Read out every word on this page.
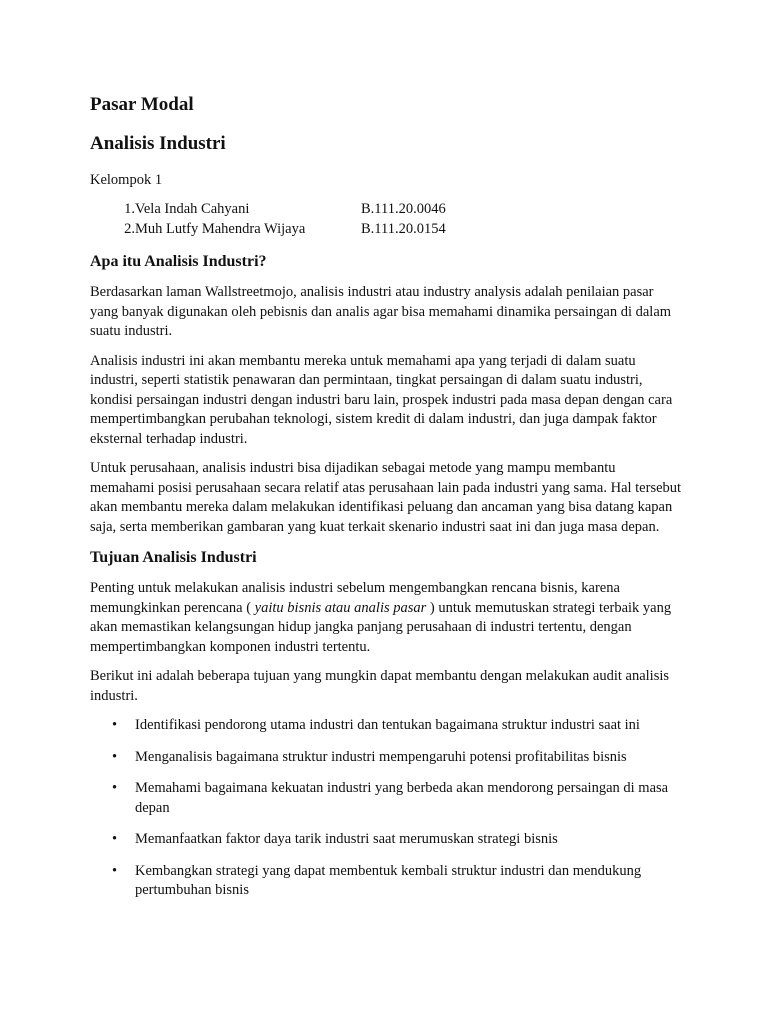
Pasar Modal
Analisis Industri
Kelompok 1
1. Vela Indah Cahyani	B.111.20.0046
2. Muh Lutfy Mahendra Wijaya	B.111.20.0154
Apa itu Analisis Industri?

Berdasarkan laman Wallstreetmojo, analisis industri atau industry analysis adalah penilaian pasar yang banyak digunakan oleh pebisnis dan analis agar bisa memahami dinamika persaingan di dalam suatu industri.

Analisis industri ini akan membantu mereka untuk memahami apa yang terjadi di dalam suatu industri, seperti statistik penawaran dan permintaan, tingkat persaingan di dalam suatu industri, kondisi persaingan industri dengan industri baru lain, prospek industri pada masa depan dengan cara mempertimbangkan perubahan teknologi, sistem kredit di dalam industri, dan juga dampak faktor eksternal terhadap industri.

Untuk perusahaan, analisis industri bisa dijadikan sebagai metode yang mampu membantu memahami posisi perusahaan secara relatif atas perusahaan lain pada industri yang sama. Hal tersebut akan membantu mereka dalam melakukan identifikasi peluang dan ancaman yang bisa datang kapan saja, serta memberikan gambaran yang kuat terkait skenario industri saat ini dan juga masa depan.

Tujuan Analisis Industri

Penting untuk melakukan analisis industri sebelum mengembangkan rencana bisnis, karena memungkinkan perencana ( yaitu bisnis atau analis pasar ) untuk memutuskan strategi terbaik yang akan memastikan kelangsungan hidup jangka panjang perusahaan di industri tertentu, dengan mempertimbangkan komponen industri tertentu.

Berikut ini adalah beberapa tujuan yang mungkin dapat membantu dengan melakukan audit analisis industri.

• Identifikasi pendorong utama industri dan tentukan bagaimana struktur industri saat ini
• Menganalisis bagaimana struktur industri mempengaruhi potensi profitabilitas bisnis
• Memahami bagaimana kekuatan industri yang berbeda akan mendorong persaingan di masa depan
• Memanfaatkan faktor daya tarik industri saat merumuskan strategi bisnis
• Kembangkan strategi yang dapat membentuk kembali struktur industri dan mendukung pertumbuhan bisnis
